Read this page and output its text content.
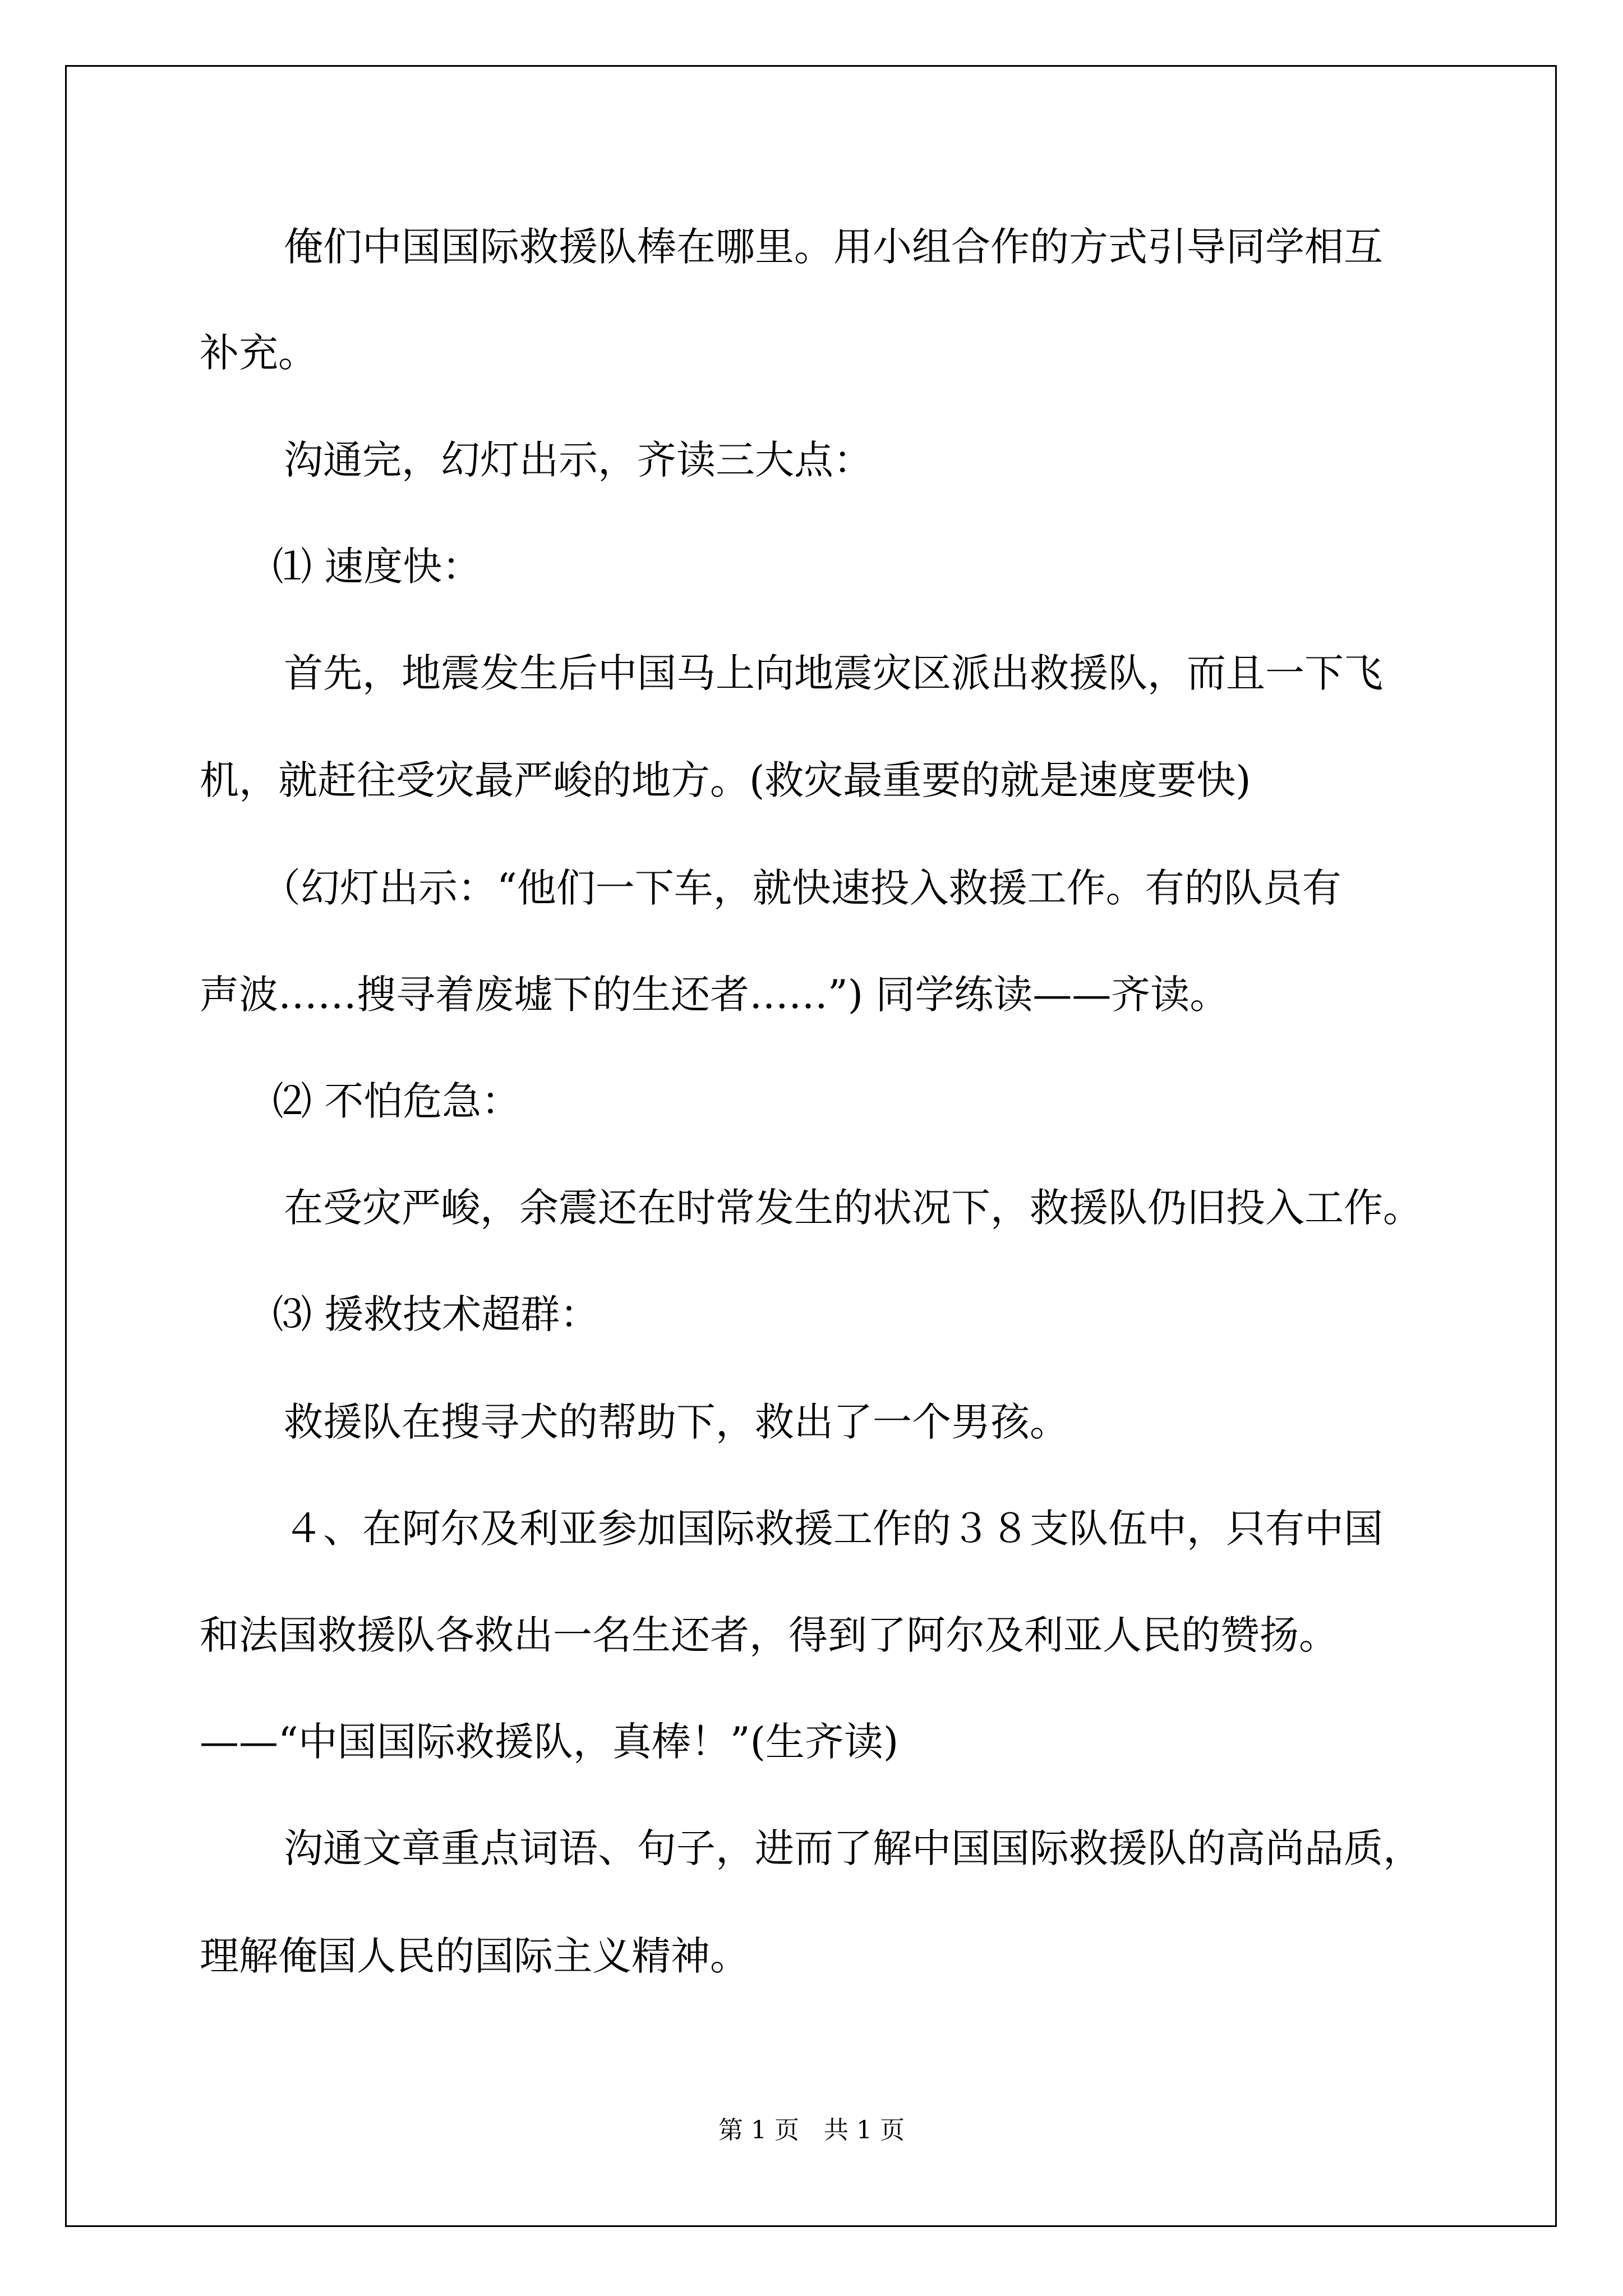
俺们中国国际救援队棒在哪里。用小组合作的方式引导同学相互
补充。
沟通完，幻灯出示，齐读三大点：
⑴ 速度快：
首先，地震发生后中国马上向地震灾区派出救援队，而且一下飞
机，就赶往受灾最严峻的地方。(救灾最重要的就是速度要快)
（幻灯出示：“他们一下车，就快速投入救援工作。有的队员有
声波……搜寻着废墟下的生还者……”) 同学练读——齐读。
⑵ 不怕危急：
在受灾严峻，余震还在时常发生的状况下，救援队仍旧投入工作。
⑶ 援救技术超群：
救援队在搜寻犬的帮助下，救出了一个男孩。
４、在阿尔及利亚参加国际救援工作的３８支队伍中，只有中国
和法国救援队各救出一名生还者，得到了阿尔及利亚人民的赞扬。
——“中国国际救援队，真棒！”(生齐读)
沟通文章重点词语、句子，进而了解中国国际救援队的高尚品质，
理解俺国人民的国际主义精神。
第 1 页　共 1 页
